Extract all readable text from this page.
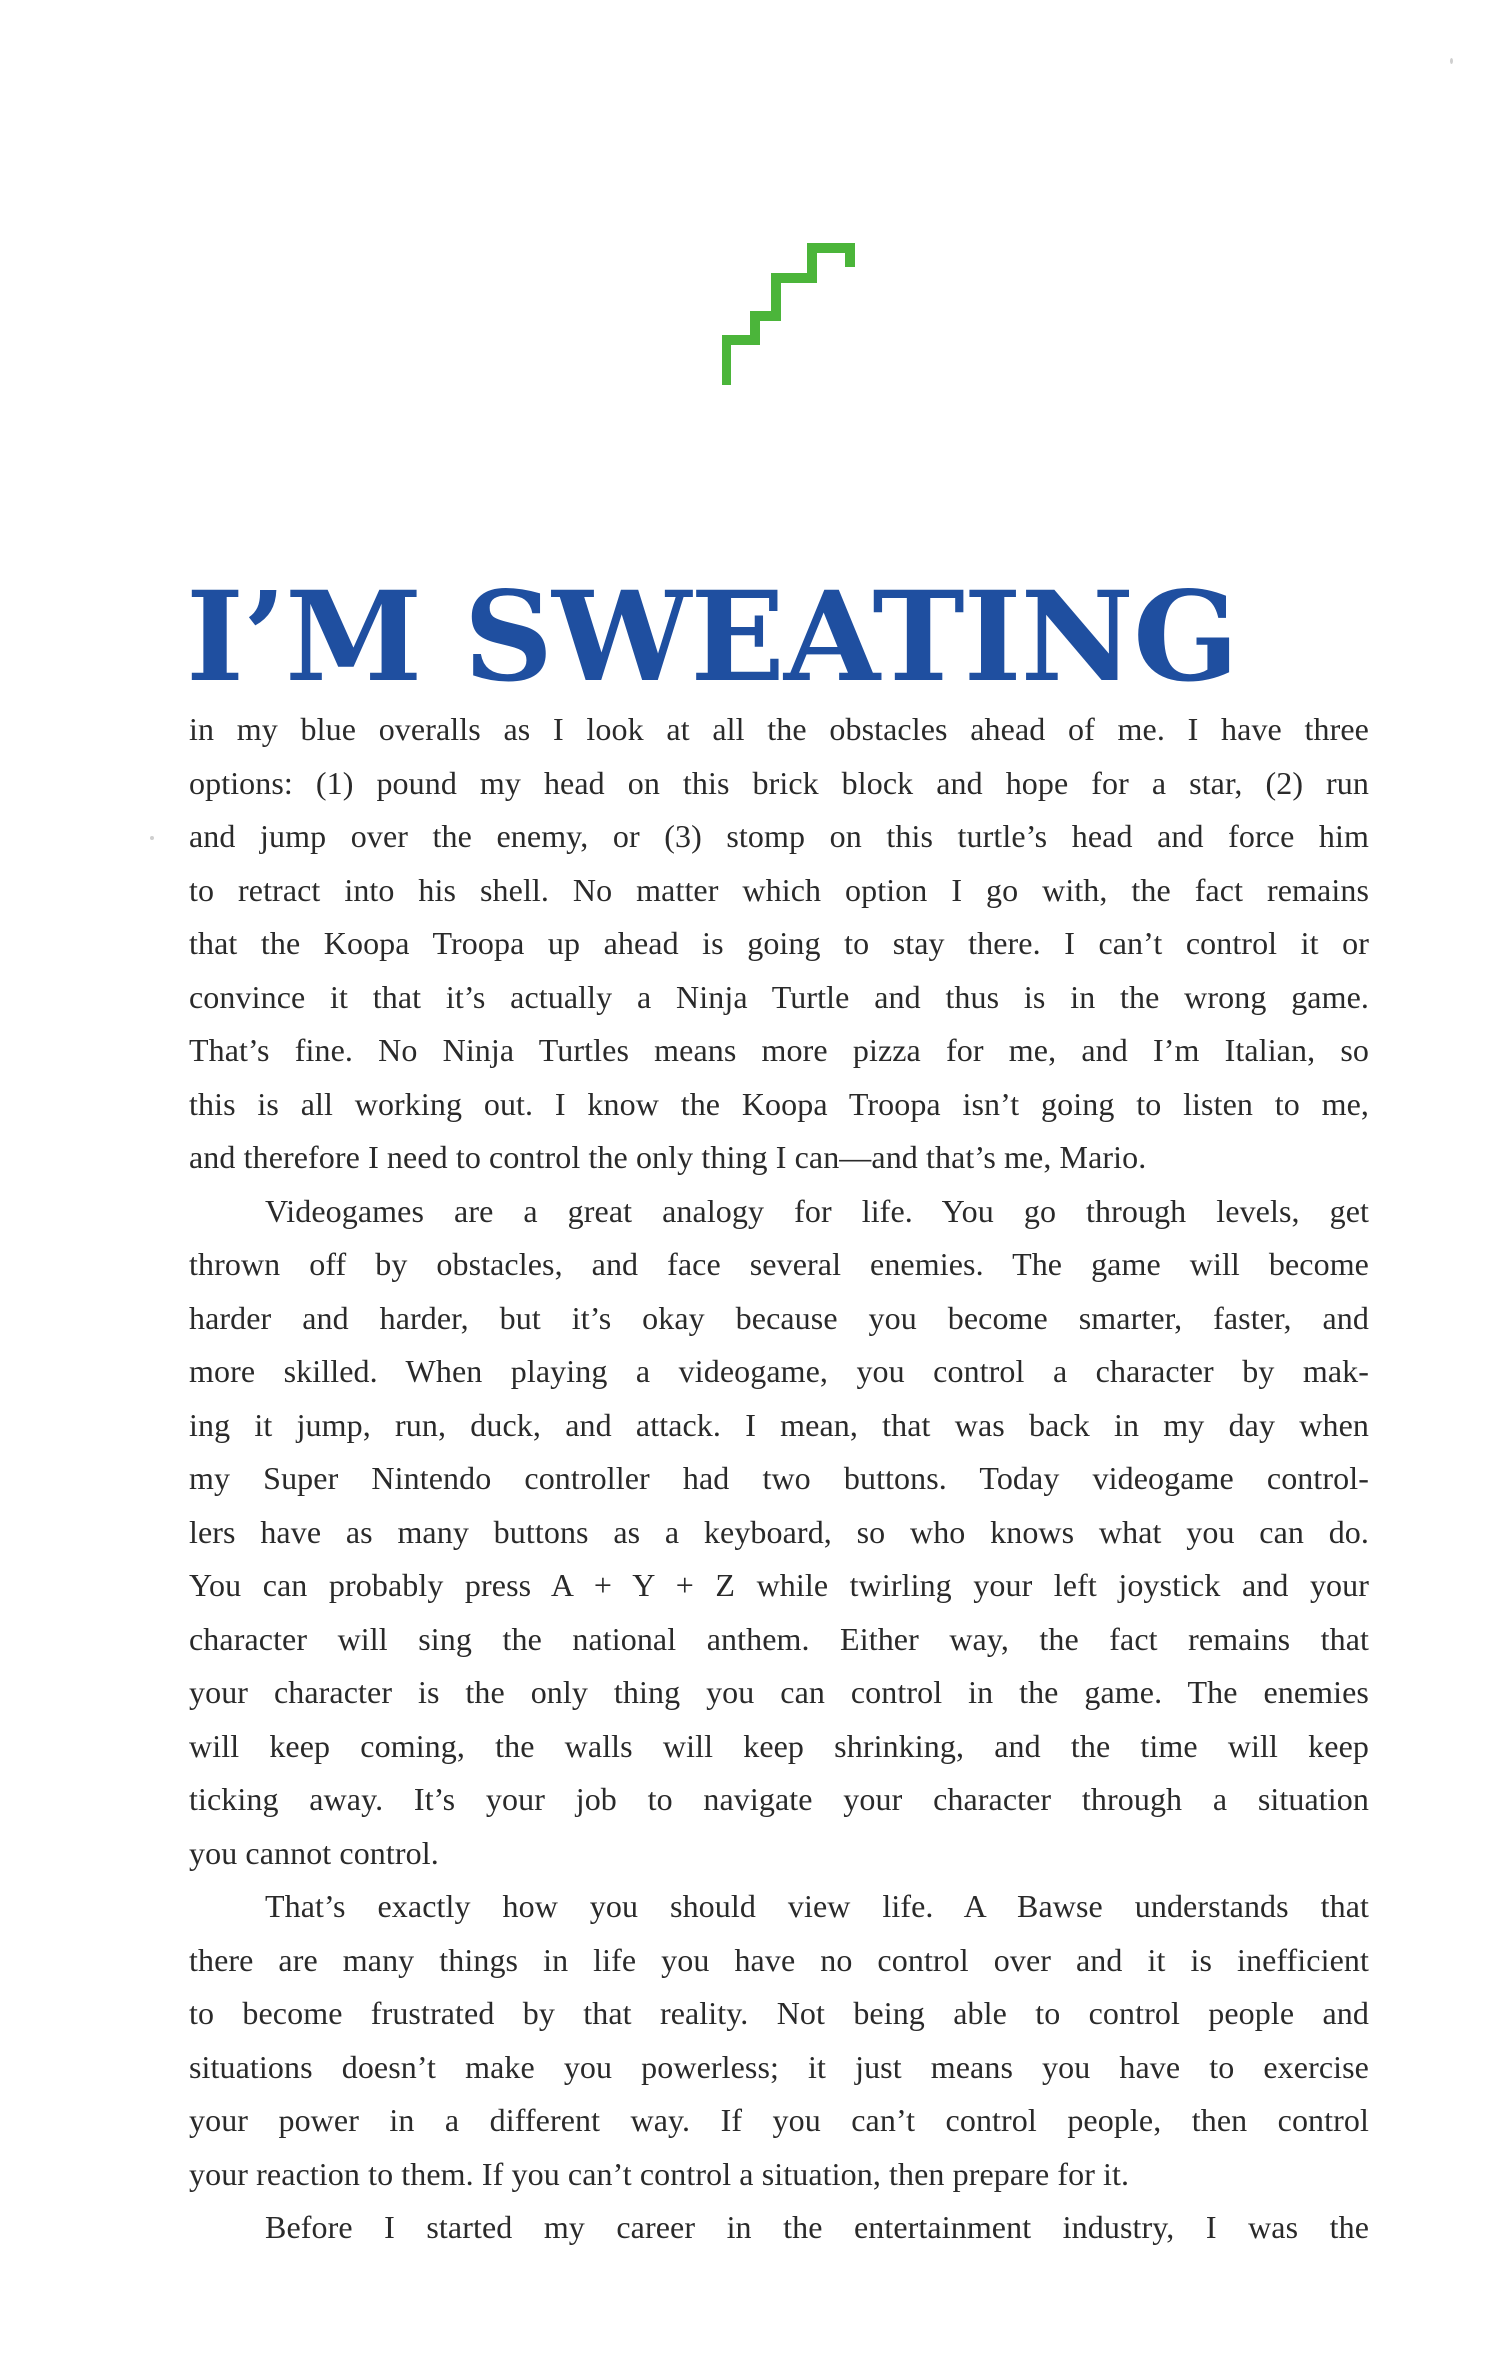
I’M SWEATING
in my blue overalls as I look at all the obstacles ahead of me. I have three
options: (1) pound my head on this brick block and hope for a star, (2) run
and jump over the enemy, or (3) stomp on this turtle’s head and force him
to retract into his shell. No matter which option I go with, the fact remains
that the Koopa Troopa up ahead is going to stay there. I can’t control it or
convince it that it’s actually a Ninja Turtle and thus is in the wrong game.
That’s fine. No Ninja Turtles means more pizza for me, and I’m Italian, so
this is all working out. I know the Koopa Troopa isn’t going to listen to me,
and therefore I need to control the only thing I can—and that’s me, Mario.
Videogames are a great analogy for life. You go through levels, get
thrown off by obstacles, and face several enemies. The game will become
harder and harder, but it’s okay because you become smarter, faster, and
more skilled. When playing a videogame, you control a character by mak-
ing it jump, run, duck, and attack. I mean, that was back in my day when
my Super Nintendo controller had two buttons. Today videogame control-
lers have as many buttons as a keyboard, so who knows what you can do.
You can probably press A + Y + Z while twirling your left joystick and your
character will sing the national anthem. Either way, the fact remains that
your character is the only thing you can control in the game. The enemies
will keep coming, the walls will keep shrinking, and the time will keep
ticking away. It’s your job to navigate your character through a situation
you cannot control.
That’s exactly how you should view life. A Bawse understands that
there are many things in life you have no control over and it is inefficient
to become frustrated by that reality. Not being able to control people and
situations doesn’t make you powerless; it just means you have to exercise
your power in a different way. If you can’t control people, then control
your reaction to them. If you can’t control a situation, then prepare for it.
Before I started my career in the entertainment industry, I was the
